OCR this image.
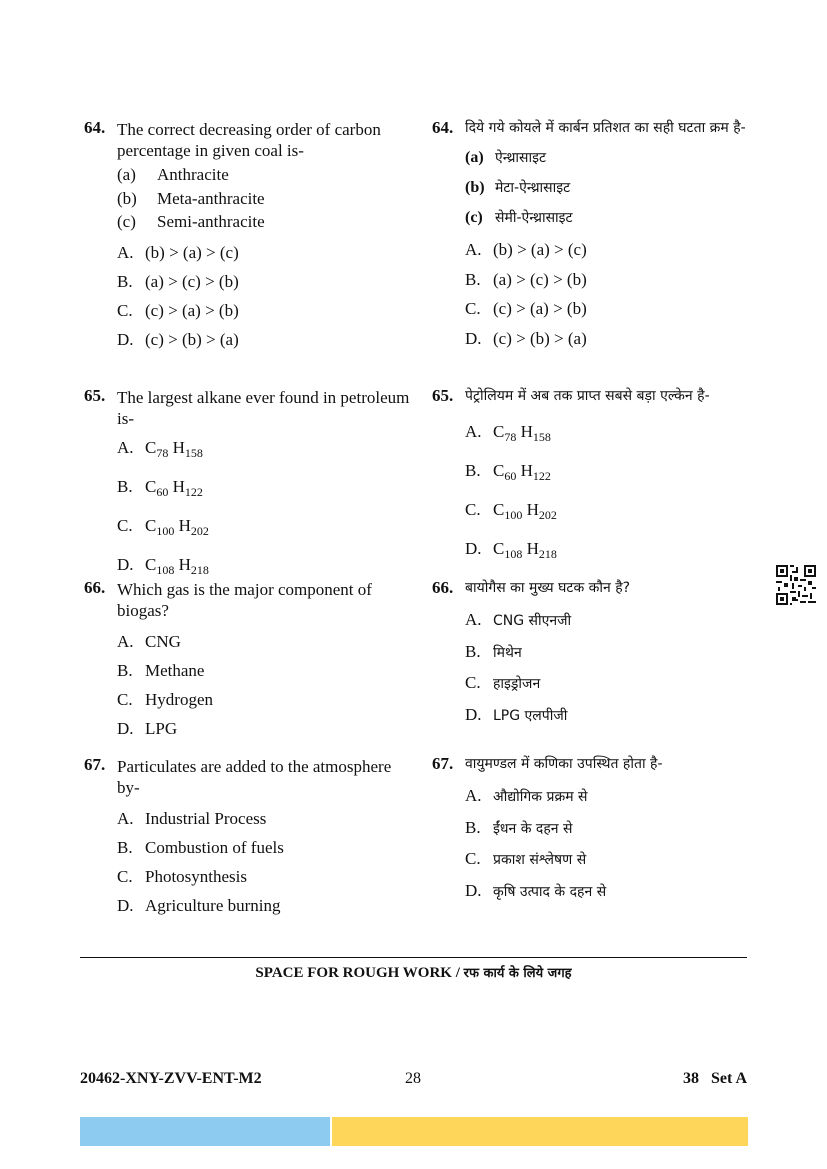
64. The correct decreasing order of carbon percentage in given coal is-
(a) Anthracite
(b) Meta-anthracite
(c) Semi-anthracite
A. (b) > (a) > (c)
B. (a) > (c) > (b)
C. (c) > (a) > (b)
D. (c) > (b) > (a)
65. The largest alkane ever found in petroleum is-
A. $C_{78}$ $H_{158}$
B. $C_{60}$ $H_{122}$
C. $C_{100}$ $H_{202}$
D. $C_{108}$ $H_{218}$
66. Which gas is the major component of biogas?
A. CNG
B. Methane
C. Hydrogen
D. LPG
67. Particulates are added to the atmosphere by-
A. Industrial Process
B. Combustion of fuels
C. Photosynthesis
D. Agriculture burning
64. दिये गये कोयले में कार्बन प्रतिशत का सही घटता क्रम है-
(a) ऐन्थ्रासाइट
(b) मेटा-ऐन्थ्रासाइट
(c) सेमी-ऐन्थ्रासाइट
A. (b) > (a) > (c)
B. (a) > (c) > (b)
C. (c) > (a) > (b)
D. (c) > (b) > (a)
65. पेट्रोलियम में अब तक प्राप्त सबसे बड़ा एल्केन है-
A. $C_{78}$ $H_{158}$
B. $C_{60}$ $H_{122}$
C. $C_{100}$ $H_{202}$
D. $C_{108}$ $H_{218}$
66. बायोगैस का मुख्य घटक कौन है?
A. CNG सीएनजी
B. मिथेन
C. हाइड्रोजन
D. LPG एलपीजी
67. वायुमण्डल में कणिका उपस्थित होता है-
A. औद्योगिक प्रक्रम से
B. ईंधन के दहन से
C. प्रकाश संश्लेषण से
D. कृषि उत्पाद के दहन से
SPACE FOR ROUGH WORK / रफ कार्य के लिये जगह
20462-XNY-ZVV-ENT-M2	28	38   Set A
